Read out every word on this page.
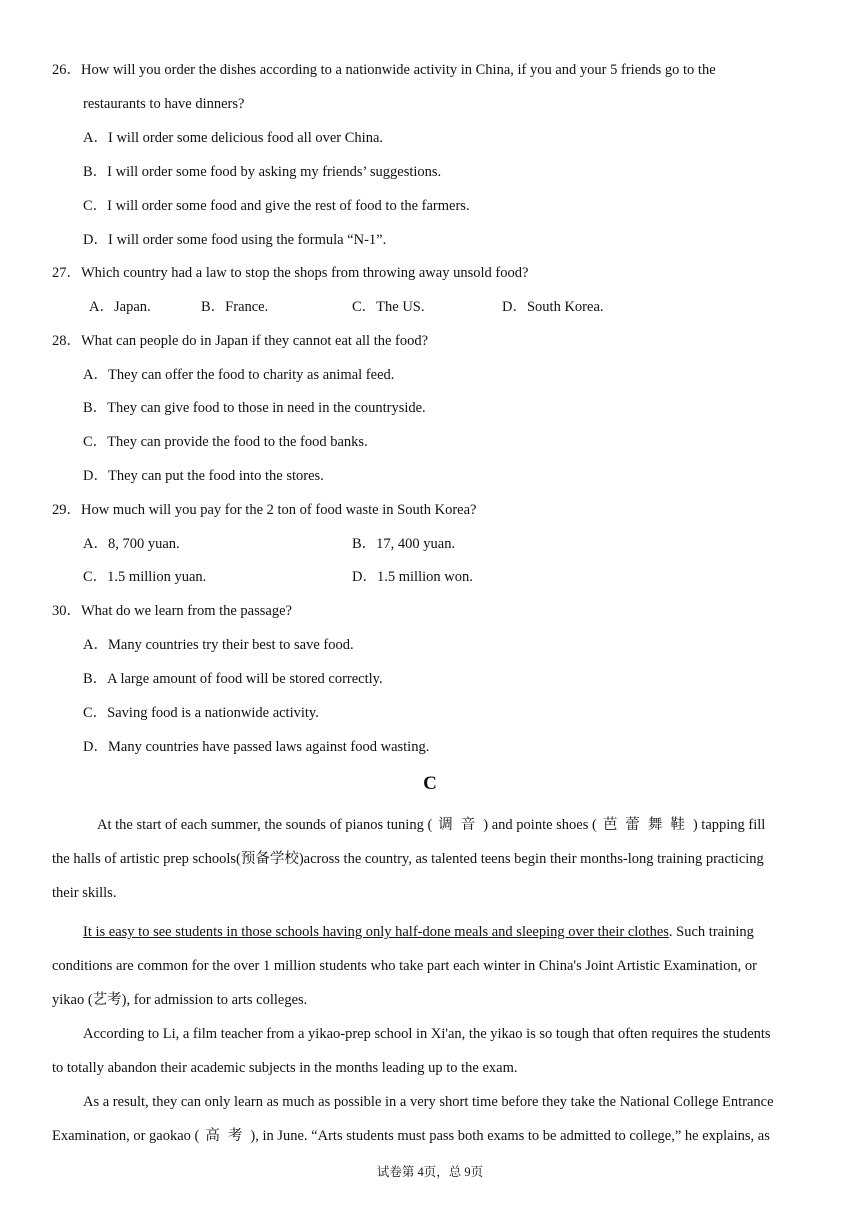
26．How will you order the dishes according to a nationwide activity in China, if you and your 5 friends go to the
restaurants to have dinners?
A．I will order some delicious food all over China.
B．I will order some food by asking my friends’ suggestions.
C．I will order some food and give the rest of food to the farmers.
D．I will order some food using the formula “N-1”.
27．Which country had a law to stop the shops from throwing away unsold food?
A．Japan.	B．France.	C．The US.	D．South Korea.
28．What can people do in Japan if they cannot eat all the food?
A．They can offer the food to charity as animal feed.
B．They can give food to those in need in the countryside.
C．They can provide the food to the food banks.
D．They can put the food into the stores.
29．How much will you pay for the 2 ton of food waste in South Korea?
A．8, 700 yuan.	B．17, 400 yuan.
C．1.5 million yuan.	D．1.5 million won.
30．What do we learn from the passage?
A．Many countries try their best to save food.
B．A large amount of food will be stored correctly.
C．Saving food is a nationwide activity.
D．Many countries have passed laws against food wasting.
C
At the start of each summer, the sounds of pianos tuning ( 调音) and pointe shoes ( 芭蕾舞鞋) tapping fill
the halls of artistic prep schools(预备学校)across the country, as talented teens begin their months-long training practicing
their skills.
It is easy to see students in those schools having only half-done meals and sleeping over their clothes. Such training
conditions are common for the over 1 million students who take part each winter in China's Joint Artistic Examination, or
yikao (艺考), for admission to arts colleges.
According to Li, a film teacher from a yikao-prep school in Xi'an, the yikao is so tough that often requires the students
to totally abandon their academic subjects in the months leading up to the exam.
As a result, they can only learn as much as possible in a very short time before they take the National College Entrance
Examination, or gaokao ( 高考), in June. “Arts students must pass both exams to be admitted to college,” he explains, as
试卷第 4页，总 9页
